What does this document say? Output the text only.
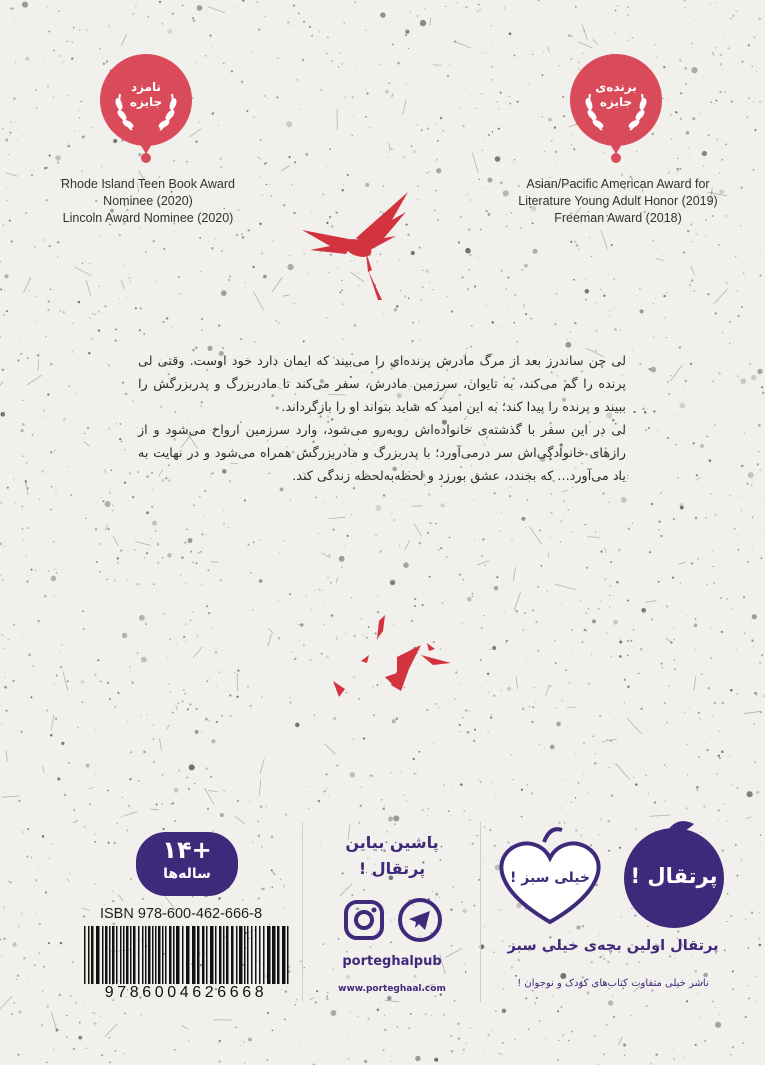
برنده‌ی
جایزه
نامزد
جایزه
Asian/Pacific American Award for
Literature Young Adult Honor (2019)
Freeman Award (2018)
Rhode Island Teen Book Award
Nominee (2020)
Lincoln Award Nominee (2020)

لی چن ساندرز بعد از مرگ مادرش پرنده‌ای را می‌بیند که ایمان دارد خود اوست. وقتی لی پرنده را گم می‌کند، به تایوان، سرزمین مادرش، سفر می‌کند تا مادربزرگ و پدربزرگش را ببیند و پرنده را پیدا کند؛ به این امید که شاید بتواند او را بازگرداند.

لی در این سفر با گذشته‌ی خانواده‌اش روبه‌رو می‌شود، وارد سرزمین ارواح می‌شود و از رازهای خانوادگی‌اش سر درمی‌آورد؛ با پدربزرگ و مادربزرگش همراه می‌شود و در نهایت به یاد می‌آورد... که بخندد، عشق بورزد و لحظه‌به‌لحظه زندگی کند.

+۱۴
ساله‌ها
ISBN 978-600-462-666-8
9786004626668
پاشین بیاین
پرتقال !
porteghalpub
www.porteghaal.com
پرتقال !
خیلی سبز !
پرتقال اولین بچه‌ی خیلی سبز
ناشر خیلی متفاوت کتاب‌های کودک و نوجوان !
